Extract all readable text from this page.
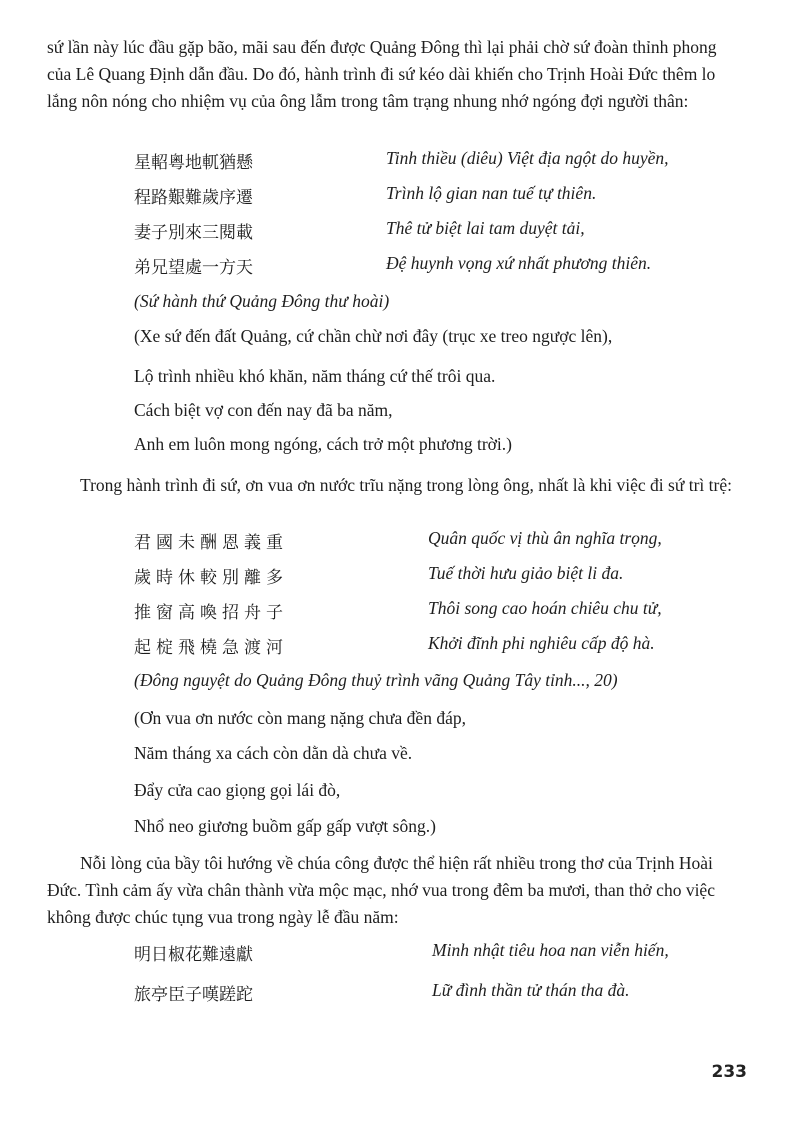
sứ lần này lúc đầu gặp bão, mãi sau đến được Quảng Đông thì lại phải chờ sứ đoàn thỉnh phong của Lê Quang Định dẫn đầu. Do đó, hành trình đi sứ kéo dài khiến cho Trịnh Hoài Đức thêm lo lắng nôn nóng cho nhiệm vụ của ông lẫm trong tâm trạng nhung nhớ ngóng đợi người thân:

星軺粵地軏猶懸	Tinh thiều (diêu) Việt địa ngột do huyền,
程路艱難歲序遷	Trình lộ gian nan tuế tự thiên.
妻子別來三閱載	Thê tử biệt lai tam duyệt tải,
弟兄望處一方天	Đệ huynh vọng xứ nhất phương thiên.
(Sứ hành thứ Quảng Đông thư hoài)
(Xe sứ đến đất Quảng, cứ chần chừ nơi đây (trục xe treo ngược lên),
Lộ trình nhiều khó khăn, năm tháng cứ thế trôi qua.
Cách biệt vợ con đến nay đã ba năm,
Anh em luôn mong ngóng, cách trở một phương trời.)

Trong hành trình đi sứ, ơn vua ơn nước trĩu nặng trong lòng ông, nhất là khi việc đi sứ trì trệ:

君國未酬恩義重	Quân quốc vị thù ân nghĩa trọng,
歲時休較別離多	Tuế thời hưu giảo biệt li đa.
推窗高喚招舟子	Thôi song cao hoán chiêu chu tử,
起椗飛橈急渡河	Khởi đĩnh phi nghiêu cấp độ hà.
(Đông nguyệt do Quảng Đông thuỷ trình vãng Quảng Tây tỉnh..., 20)
(Ơn vua ơn nước còn mang nặng chưa đền đáp,
Năm tháng xa cách còn dằn dà chưa về.
Đẩy cửa cao giọng gọi lái đò,
Nhổ neo giương buồm gấp gấp vượt sông.)

Nỗi lòng của bầy tôi hướng về chúa công được thể hiện rất nhiều trong thơ của Trịnh Hoài Đức. Tình cảm ấy vừa chân thành vừa mộc mạc, nhớ vua trong đêm ba mươi, than thở cho việc không được chúc tụng vua trong ngày lễ đầu năm:

明日椒花難遠獻	Minh nhật tiêu hoa nan viễn hiến,
旅亭臣子嘆蹉跎	Lữ đình thần tử thán tha đà.
233
